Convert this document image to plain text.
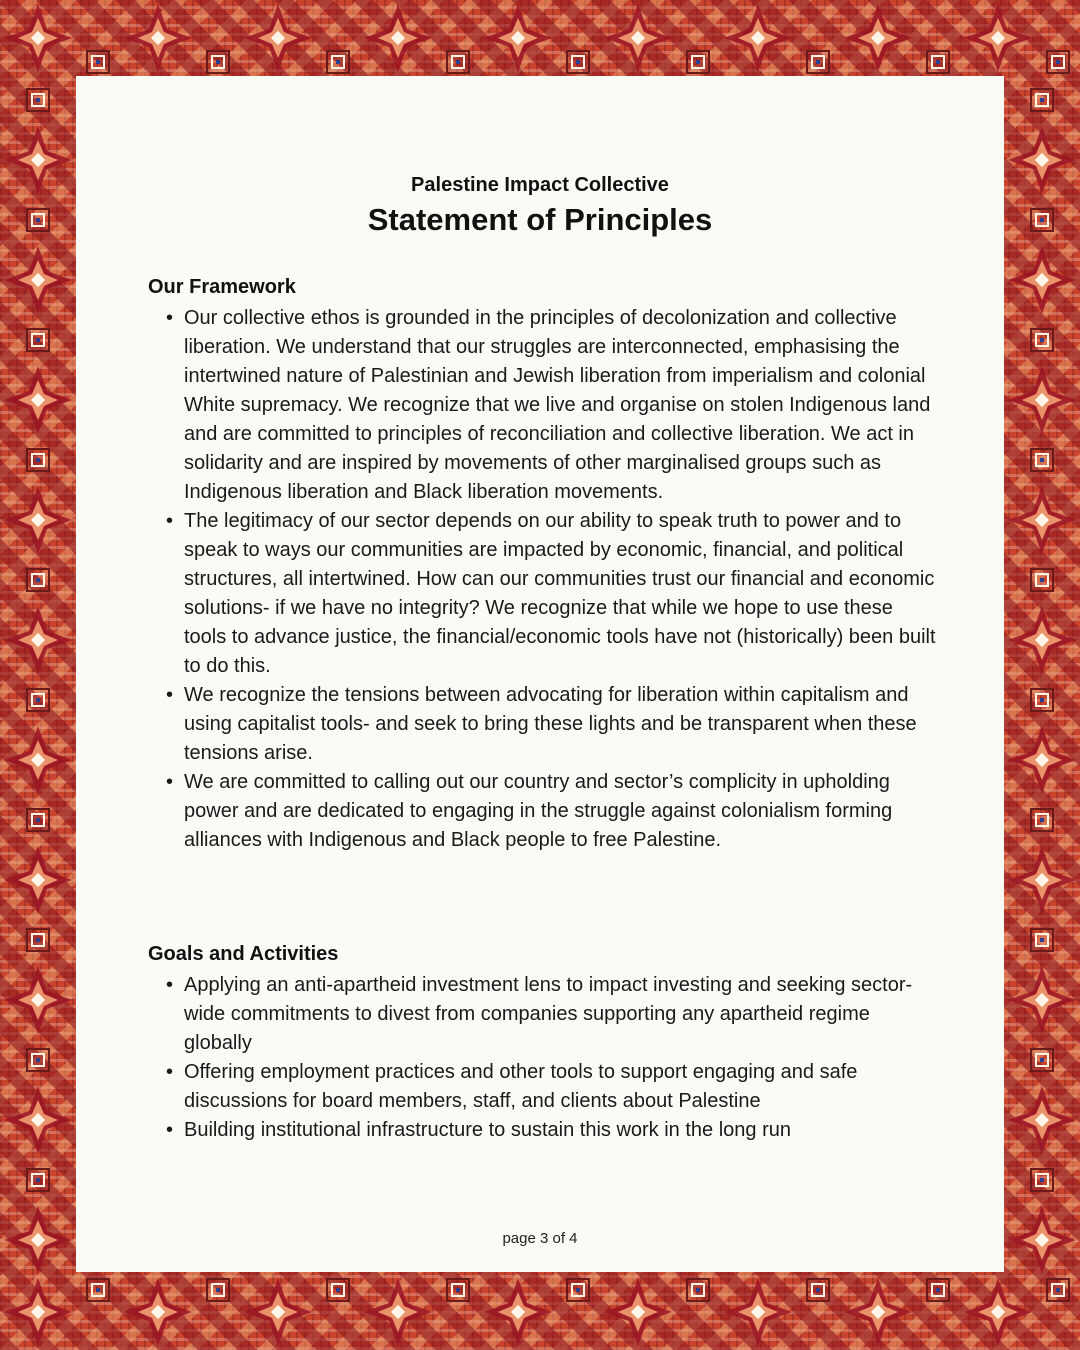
Palestine Impact Collective
Statement of Principles
Our Framework
• Our collective ethos is grounded in the principles of decolonization and collective liberation. We understand that our struggles are interconnected, emphasising the intertwined nature of Palestinian and Jewish liberation from imperialism and colonial White supremacy. We recognize that we live and organise on stolen Indigenous land and are committed to principles of reconciliation and collective liberation. We act in solidarity and are inspired by movements of other marginalised groups such as Indigenous liberation and Black liberation movements.
• The legitimacy of our sector depends on our ability to speak truth to power and to speak to ways our communities are impacted by economic, financial, and political structures, all intertwined. How can our communities trust our financial and economic solutions- if we have no integrity? We recognize that while we hope to use these tools to advance justice, the financial/economic tools have not (historically) been built to do this.
• We recognize the tensions between advocating for liberation within capitalism and using capitalist tools- and seek to bring these lights and be transparent when these tensions arise.
• We are committed to calling out our country and sector’s complicity in upholding power and are dedicated to engaging in the struggle against colonialism forming alliances with Indigenous and Black people to free Palestine.
Goals and Activities
• Applying an anti-apartheid investment lens to impact investing and seeking sector-wide commitments to divest from companies supporting any apartheid regime globally
• Offering employment practices and other tools to support engaging and safe discussions for board members, staff, and clients about Palestine
• Building institutional infrastructure to sustain this work in the long run
page 3 of 4
